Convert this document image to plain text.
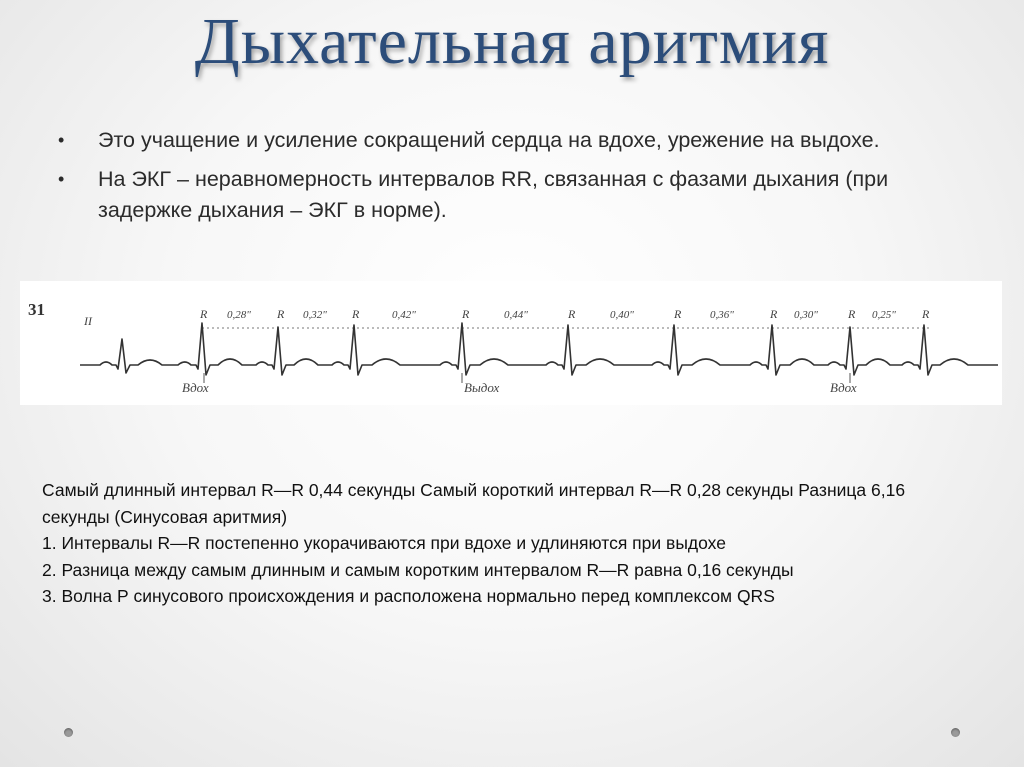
Дыхательная аритмия
• Это учащение и усиление сокращений сердца на вдохе, урежение на выдохе.
• На ЭКГ – неравномерность интервалов RR, связанная с фазами дыхания (при задержке дыхания – ЭКГ в норме).
31
II	R	R	R	R	R	R	R	R	R
0,28"	0,32"	0,42"	0,44"	0,40"	0,36"	0,30"	0,25"
Вдох	Выдох	Вдох

Самый длинный интервал R—R 0,44 секунды Самый короткий интервал R—R 0,28 секунды Разница 6,16 секунды (Синусовая аритмия)

1. Интервалы R—R постепенно укорачиваются при вдохе и удлиняются при выдохе

2. Разница между самым длинным и самым коротким интервалом R—R равна 0,16 секунды

3. Волна Р синусового происхождения и расположена нормально перед комплексом QRS
